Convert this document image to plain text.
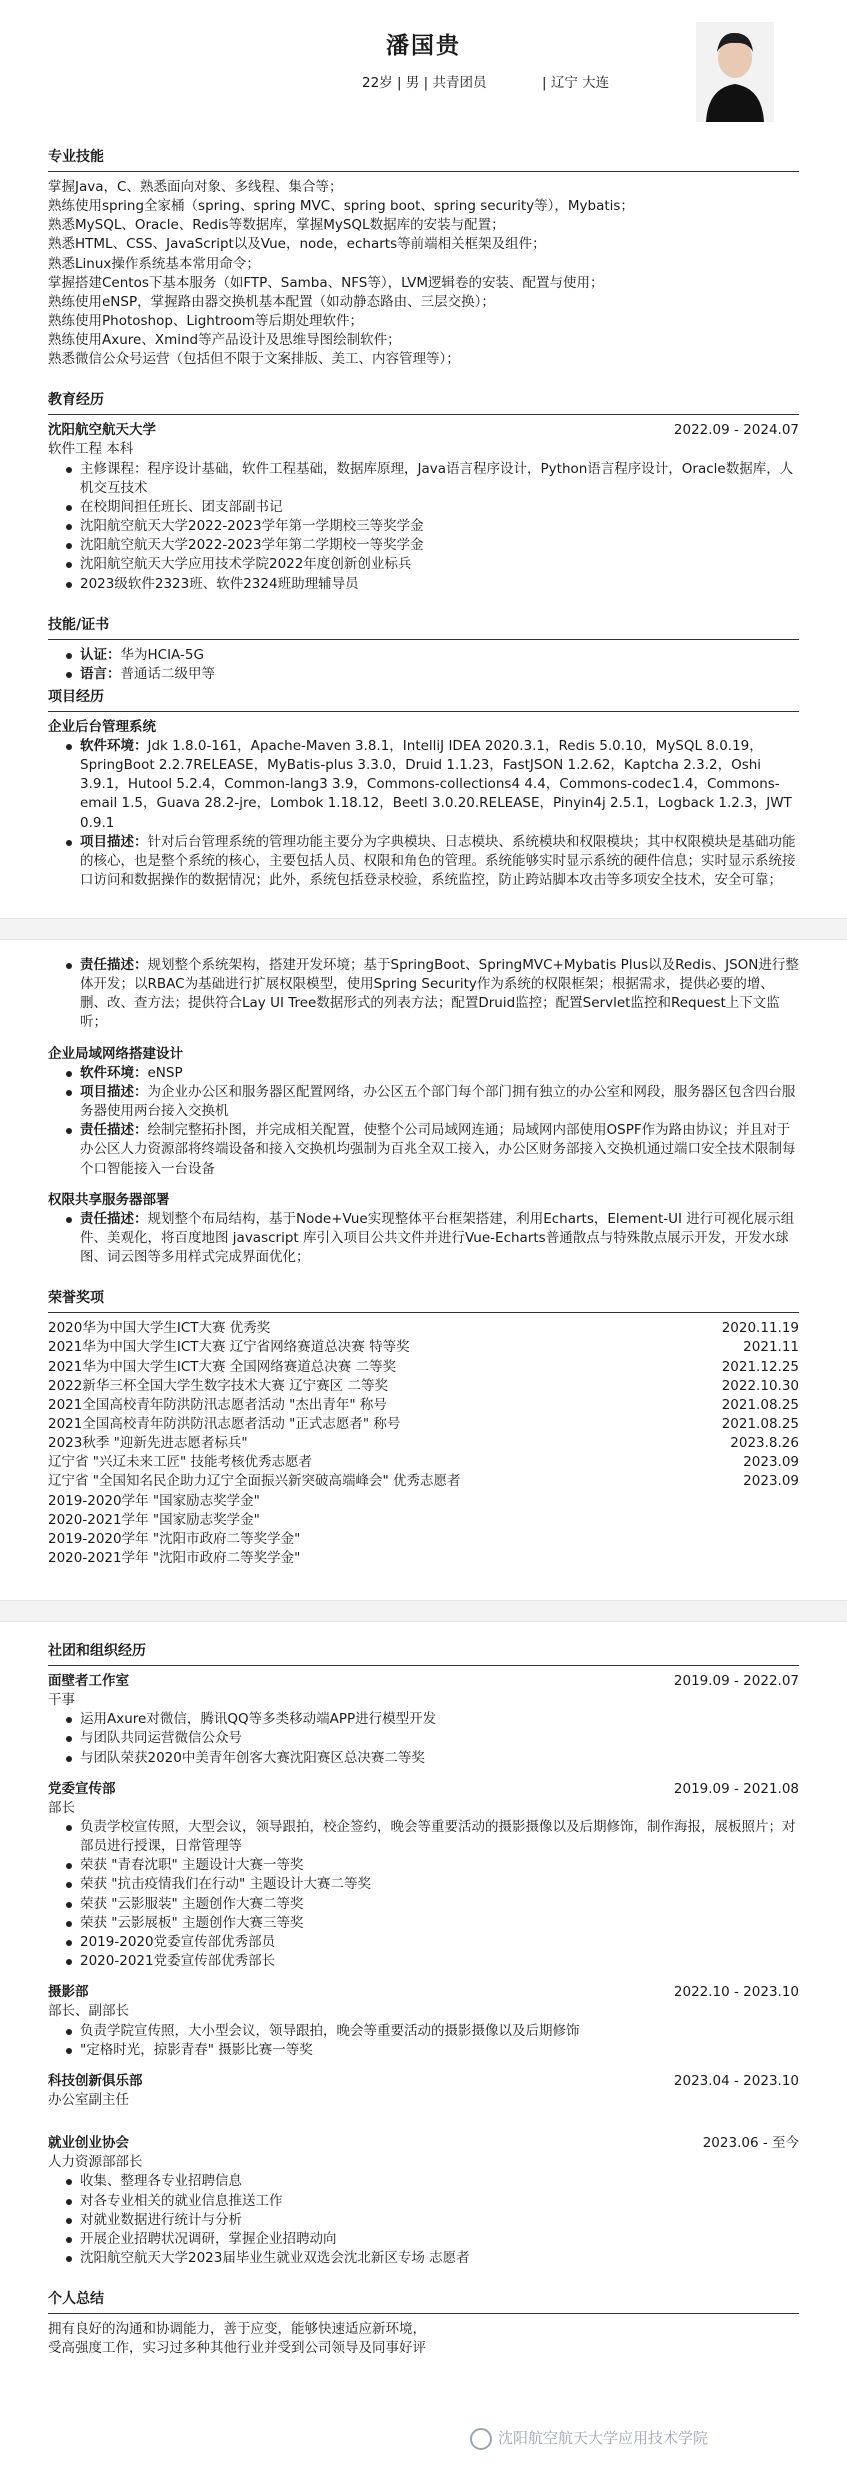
潘国贵
22岁 | 男 | 共青团员	| 辽宁 大连
专业技能
掌握Java，C、熟悉面向对象、多线程、集合等；
熟练使用spring全家桶（spring、spring MVC、spring boot、spring security等），Mybatis；
熟悉MySQL、Oracle、Redis等数据库，掌握MySQL数据库的安装与配置；
熟悉HTML、CSS、JavaScript以及Vue，node，echarts等前端相关框架及组件；
熟悉Linux操作系统基本常用命令；
掌握搭建Centos下基本服务（如FTP、Samba、NFS等），LVM逻辑卷的安装、配置与使用；
熟练使用eNSP，掌握路由器交换机基本配置（如动静态路由、三层交换）；
熟练使用Photoshop、Lightroom等后期处理软件；
熟练使用Axure、Xmind等产品设计及思维导图绘制软件；
熟悉微信公众号运营（包括但不限于文案排版、美工、内容管理等）；
教育经历
沈阳航空航天大学	2022.09 - 2024.07
软件工程 本科
主修课程：程序设计基础，软件工程基础，数据库原理，Java语言程序设计，Python语言程序设计，Oracle数据库，人机交互技术
在校期间担任班长、团支部副书记
沈阳航空航天大学2022-2023学年第一学期校三等奖学金
沈阳航空航天大学2022-2023学年第二学期校一等奖学金
沈阳航空航天大学应用技术学院2022年度创新创业标兵
2023级软件2323班、软件2324班助理辅导员
技能/证书
认证：华为HCIA-5G
语言：普通话二级甲等
项目经历
企业后台管理系统
软件环境：Jdk 1.8.0-161，Apache-Maven 3.8.1，IntelliJ IDEA 2020.3.1，Redis 5.0.10，MySQL 8.0.19，SpringBoot 2.2.7RELEASE，MyBatis-plus 3.3.0，Druid 1.1.23，FastJSON 1.2.62，Kaptcha 2.3.2，Oshi 3.9.1，Hutool 5.2.4，Common-lang3 3.9，Commons-collections4 4.4，Commons-codec1.4，Commons-email 1.5，Guava 28.2-jre，Lombok 1.18.12，Beetl 3.0.20.RELEASE，Pinyin4j 2.5.1，Logback 1.2.3，JWT 0.9.1
项目描述：针对后台管理系统的管理功能主要分为字典模块、日志模块、系统模块和权限模块；其中权限模块是基础功能的核心，也是整个系统的核心，主要包括人员、权限和角色的管理。系统能够实时显示系统的硬件信息；实时显示系统接口访问和数据操作的数据情况；此外，系统包括登录校验，系统监控，防止跨站脚本攻击等多项安全技术，安全可靠；
责任描述：规划整个系统架构，搭建开发环境；基于SpringBoot、SpringMVC+Mybatis Plus以及Redis、JSON进行整体开发；以RBAC为基础进行扩展权限模型，使用Spring Security作为系统的权限框架；根据需求，提供必要的增、删、改、查方法；提供符合Lay UI Tree数据形式的列表方法；配置Druid监控；配置Servlet监控和Request上下文监听；
企业局域网络搭建设计
软件环境：eNSP
项目描述：为企业办公区和服务器区配置网络，办公区五个部门每个部门拥有独立的办公室和网段，服务器区包含四台服务器使用两台接入交换机
责任描述：绘制完整拓扑图，并完成相关配置，使整个公司局域网连通；局域网内部使用OSPF作为路由协议；并且对于办公区人力资源部将终端设备和接入交换机均强制为百兆全双工接入，办公区财务部接入交换机通过端口安全技术限制每个口智能接入一台设备
权限共享服务器部署
责任描述：规划整个布局结构，基于Node+Vue实现整体平台框架搭建，利用Echarts，Element-UI 进行可视化展示组件、美观化，将百度地图 javascript 库引入项目公共文件并进行Vue-Echarts普通散点与特殊散点展示开发，开发水球图、词云图等多用样式完成界面优化；
荣誉奖项
2020华为中国大学生ICT大赛 优秀奖	2020.11.19
2021华为中国大学生ICT大赛 辽宁省网络赛道总决赛 特等奖	2021.11
2021华为中国大学生ICT大赛 全国网络赛道总决赛 二等奖	2021.12.25
2022新华三杯全国大学生数字技术大赛 辽宁赛区 二等奖	2022.10.30
2021全国高校青年防洪防汛志愿者活动 "杰出青年" 称号	2021.08.25
2021全国高校青年防洪防汛志愿者活动 "正式志愿者" 称号	2021.08.25
2023秋季 "迎新先进志愿者标兵"	2023.8.26
辽宁省 "兴辽未来工匠" 技能考核优秀志愿者	2023.09
辽宁省 "全国知名民企助力辽宁全面振兴新突破高端峰会" 优秀志愿者	2023.09
2019-2020学年 "国家励志奖学金"
2020-2021学年 "国家励志奖学金"
2019-2020学年 "沈阳市政府二等奖学金"
2020-2021学年 "沈阳市政府二等奖学金"
社团和组织经历
面壁者工作室	2019.09 - 2022.07
干事
运用Axure对微信，腾讯QQ等多类移动端APP进行模型开发
与团队共同运营微信公众号
与团队荣获2020中美青年创客大赛沈阳赛区总决赛二等奖
党委宣传部	2019.09 - 2021.08
部长
负责学校宣传照，大型会议，领导跟拍，校企签约，晚会等重要活动的摄影摄像以及后期修饰，制作海报，展板照片；对部员进行授课，日常管理等
荣获 "青春沈职" 主题设计大赛一等奖
荣获 "抗击疫情我们在行动" 主题设计大赛二等奖
荣获 "云影服装" 主题创作大赛二等奖
荣获 "云影展板" 主题创作大赛三等奖
2019-2020党委宣传部优秀部员
2020-2021党委宣传部优秀部长
摄影部	2022.10 - 2023.10
部长、副部长
负责学院宣传照，大小型会议，领导跟拍，晚会等重要活动的摄影摄像以及后期修饰
"定格时光，掠影青春" 摄影比赛一等奖
科技创新俱乐部	2023.04 - 2023.10
办公室副主任
就业创业协会	2023.06 - 至今
人力资源部部长
收集、整理各专业招聘信息
对各专业相关的就业信息推送工作
对就业数据进行统计与分析
开展企业招聘状况调研，掌握企业招聘动向
沈阳航空航天大学2023届毕业生就业双选会沈北新区专场 志愿者
个人总结
拥有良好的沟通和协调能力，善于应变，能够快速适应新环境，
受高强度工作，实习过多种其他行业并受到公司领导及同事好评
沈阳航空航天大学应用技术学院
